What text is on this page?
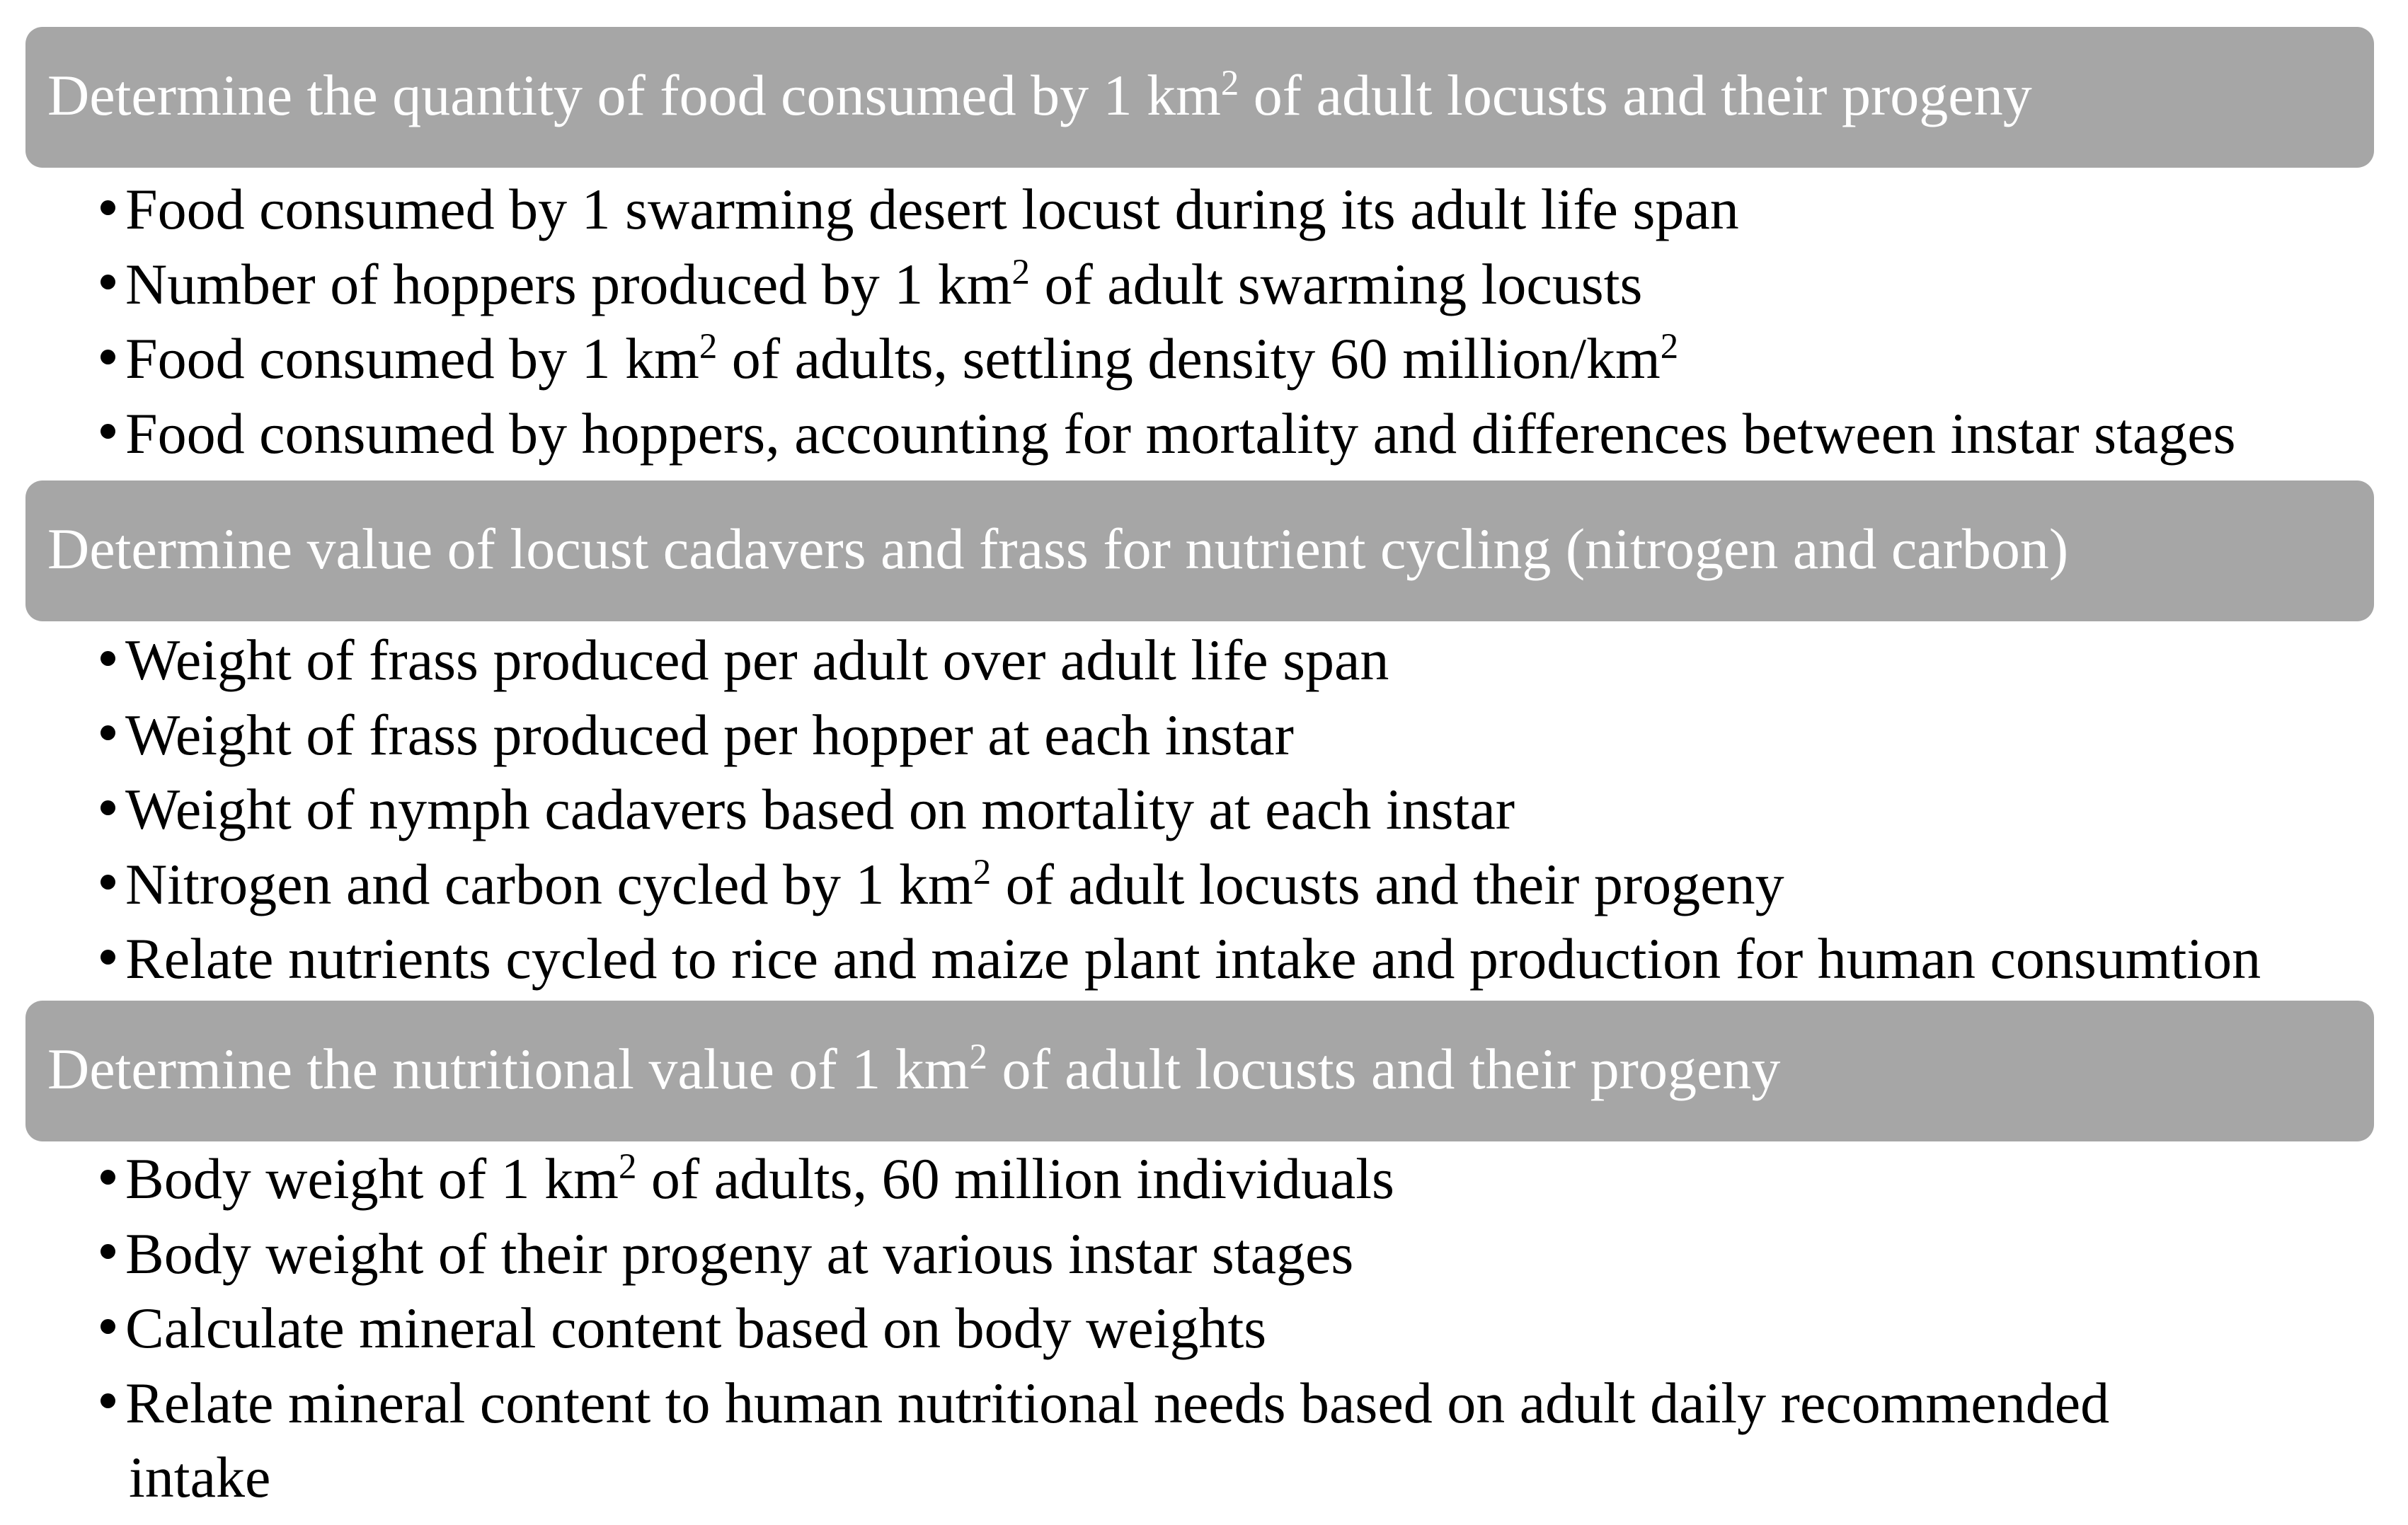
Determine the quantity of food consumed by 1 $km^2$ of adult locusts and their progeny
Food consumed by 1 swarming desert locust during its adult life span
Number of hoppers produced by 1 $km^2$ of adult swarming locusts
Food consumed by 1 $km^2$ of adults, settling density 60 million/$km^2$
Food consumed by hoppers, accounting for mortality and differences between instar stages
Determine value of locust cadavers and frass for nutrient cycling (nitrogen and carbon)
Weight of frass produced per adult over adult life span
Weight of frass produced per hopper at each instar
Weight of nymph cadavers based on mortality at each instar
Nitrogen and carbon cycled by 1 $km^2$ of adult locusts and their progeny
Relate nutrients cycled to rice and maize plant intake and production for human consumtion
Determine the nutritional value of 1 $km^2$ of adult locusts and their progeny
Body weight of 1 $km^2$ of adults, 60 million individuals
Body weight of their progeny at various instar stages
Calculate mineral content based on body weights
Relate mineral content to human nutritional needs based on adult daily recommended
intake
